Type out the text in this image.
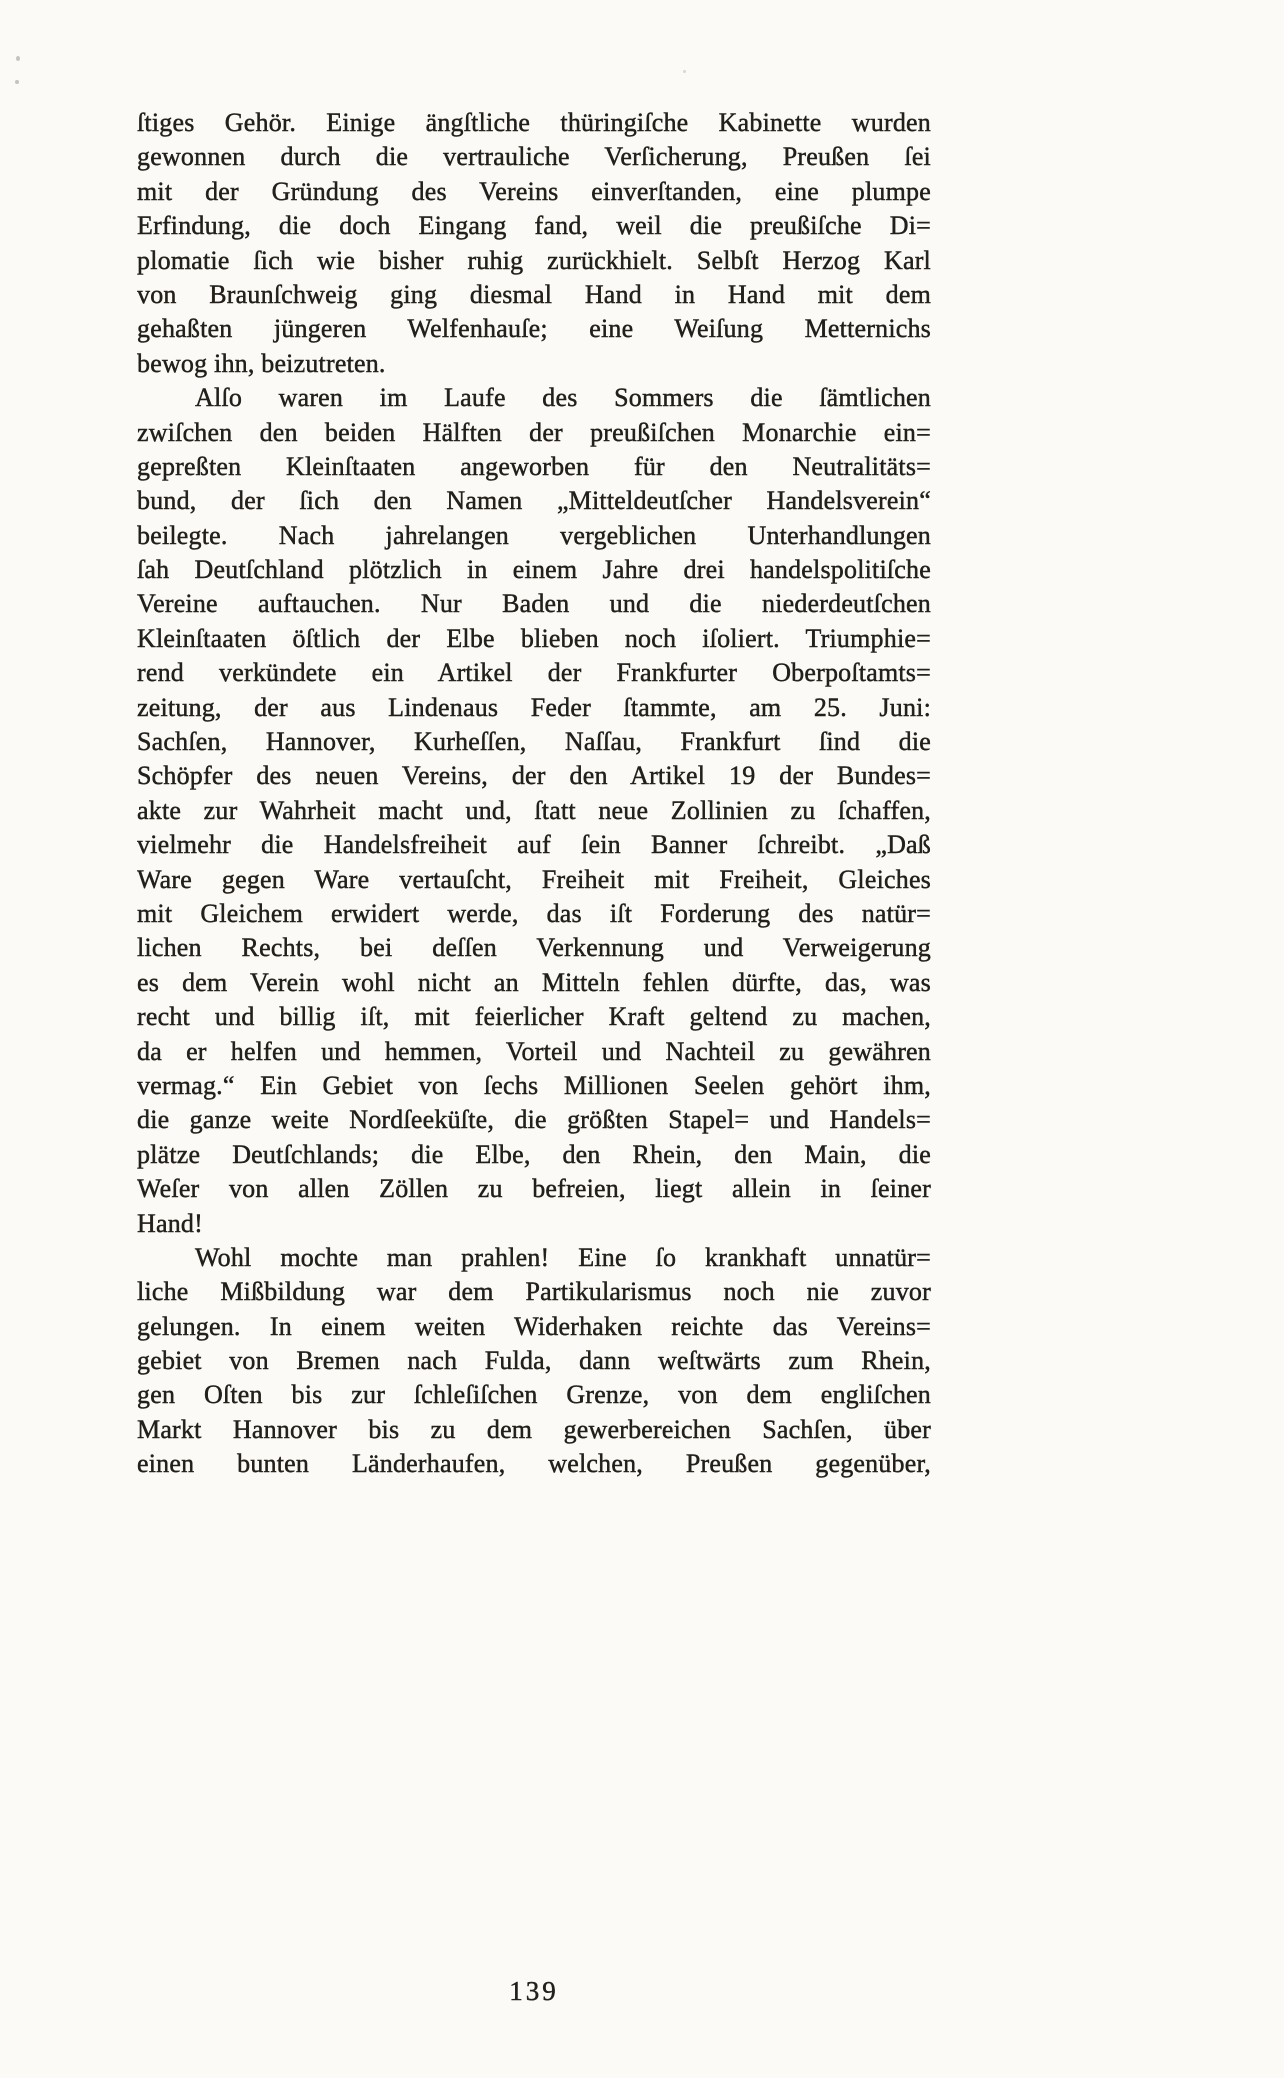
ſtiges Gehör. Einige ängſtliche thüringiſche Kabinette wurden
gewonnen durch die vertrauliche Verſicherung, Preußen ſei
mit der Gründung des Vereins einverſtanden, eine plumpe
Erfindung, die doch Eingang fand, weil die preußiſche Di=
plomatie ſich wie bisher ruhig zurückhielt. Selbſt Herzog Karl
von Braunſchweig ging diesmal Hand in Hand mit dem
gehaßten jüngeren Welfenhauſe; eine Weiſung Metternichs
bewog ihn, beizutreten.
Alſo waren im Laufe des Sommers die ſämtlichen
zwiſchen den beiden Hälften der preußiſchen Monarchie ein=
gepreßten Kleinſtaaten angeworben für den Neutralitäts=
bund, der ſich den Namen „Mitteldeutſcher Handelsverein“
beilegte. Nach jahrelangen vergeblichen Unterhandlungen
ſah Deutſchland plötzlich in einem Jahre drei handelspolitiſche
Vereine auftauchen. Nur Baden und die niederdeutſchen
Kleinſtaaten öſtlich der Elbe blieben noch iſoliert. Triumphie=
rend verkündete ein Artikel der Frankfurter Oberpoſtamts=
zeitung, der aus Lindenaus Feder ſtammte, am 25. Juni:
Sachſen, Hannover, Kurheſſen, Naſſau, Frankfurt ſind die
Schöpfer des neuen Vereins, der den Artikel 19 der Bundes=
akte zur Wahrheit macht und, ſtatt neue Zollinien zu ſchaffen,
vielmehr die Handelsfreiheit auf ſein Banner ſchreibt. „Daß
Ware gegen Ware vertauſcht, Freiheit mit Freiheit, Gleiches
mit Gleichem erwidert werde, das iſt Forderung des natür=
lichen Rechts, bei deſſen Verkennung und Verweigerung
es dem Verein wohl nicht an Mitteln fehlen dürfte, das, was
recht und billig iſt, mit feierlicher Kraft geltend zu machen,
da er helfen und hemmen, Vorteil und Nachteil zu gewähren
vermag.“ Ein Gebiet von ſechs Millionen Seelen gehört ihm,
die ganze weite Nordſeeküſte, die größten Stapel= und Handels=
plätze Deutſchlands; die Elbe, den Rhein, den Main, die
Weſer von allen Zöllen zu befreien, liegt allein in ſeiner
Hand!
Wohl mochte man prahlen! Eine ſo krankhaft unnatür=
liche Mißbildung war dem Partikularismus noch nie zuvor
gelungen. In einem weiten Widerhaken reichte das Vereins=
gebiet von Bremen nach Fulda, dann weſtwärts zum Rhein,
gen Oſten bis zur ſchleſiſchen Grenze, von dem engliſchen
Markt Hannover bis zu dem gewerbereichen Sachſen, über
einen bunten Länderhaufen, welchen, Preußen gegenüber,
139
